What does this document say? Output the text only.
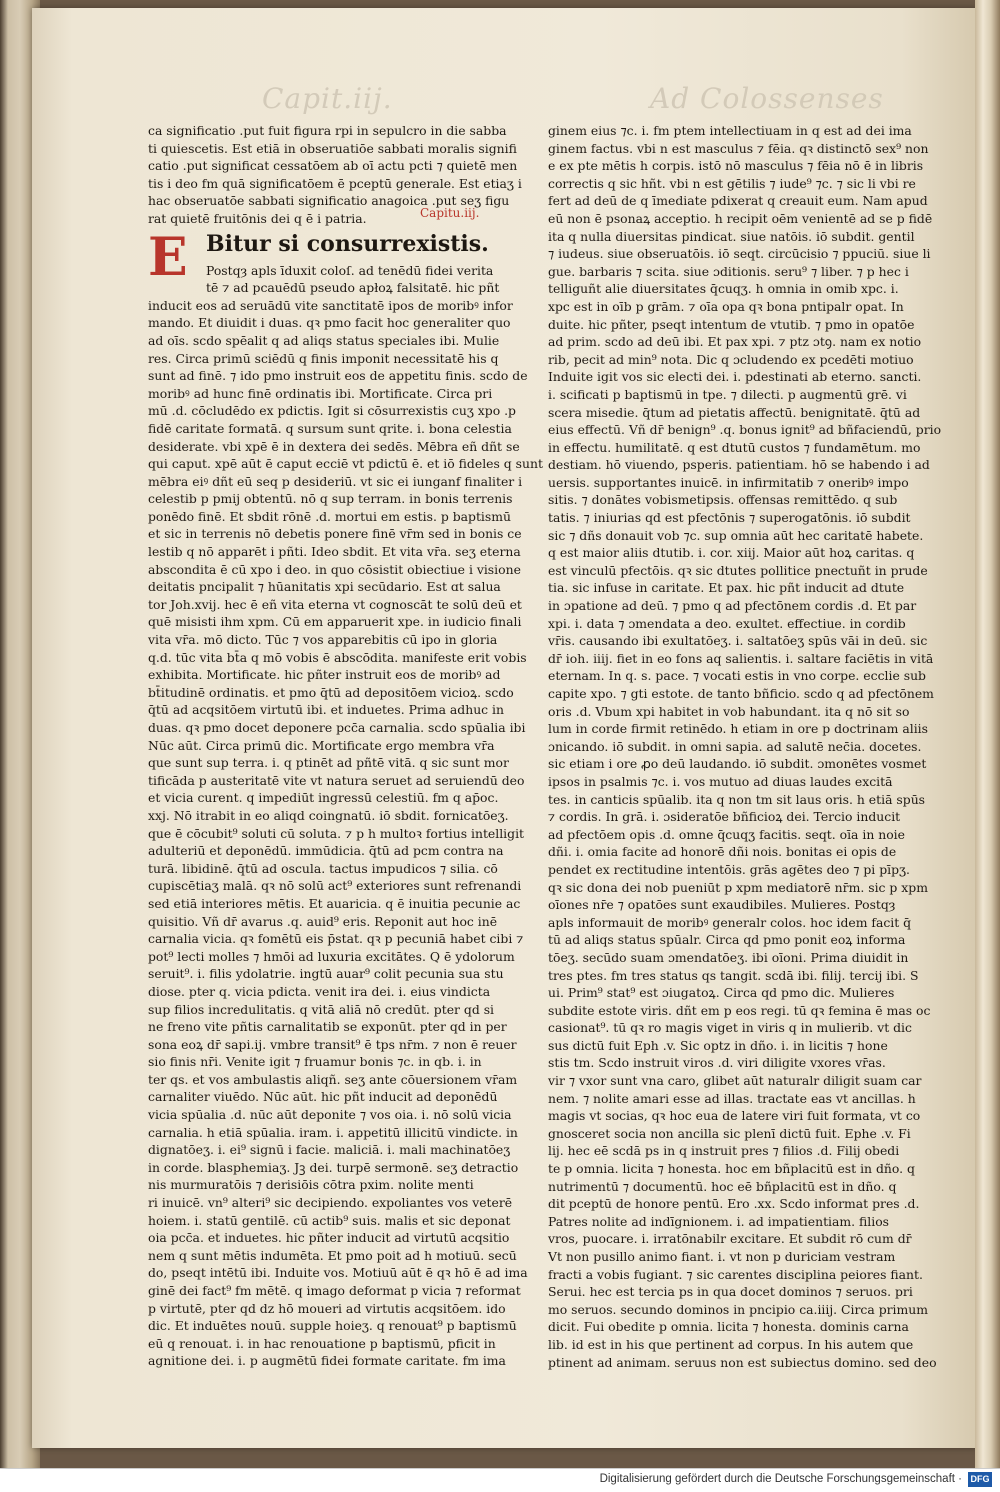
Capit.iij.	Ad Colossenses
Capitu.iij.
E
ca significatio .put fuit figura rpi in sepulcro in die sabba
ti quiescetis. Est etiā in obseruatiōe sabbati moralis signifi
catio .put significat cessatōem ab oī actu pcti ⁊ quietē men
tis i deo fm quā significatōem ē pceptū generale. Est etiaʒ i
hac obseruatōe sabbati significatio anagoica .put seʒ figu
rat quietē fruitōnis dei q ē i patria.
Bitur si consurrexistis.
Postqȝ apls īduxit coloſ. ad tenēdū fidei verita
tē ⁊ ad pcauēdū pseudo apłoꝝ falsitatē. hic pñt
inducit eos ad seruādū vite sanctitatē ipos de moribꝰ infor
mando. Et diuidit i duas. qꝛ pmo facit hoc generaliter quo
ad oīs. scdo spēalit q ad aliqs status speciales ibi. Mulie
res. Circa primū sciēdū q finis imponit necessitatē his q
sunt ad finē. ⁊ ido pmo instruit eos de appetitu finis. scdo de
moribꝰ ad hunc finē ordinatis ibi. Mortificate. Circa pri
mū .d. cōcludēdo ex pdictis. Igit si cōsurrexistis cuʒ xpo .p
fidē caritate formatā. q sursum sunt qrite. i. bona celestia
desiderate. vbi xpē ē in dextera dei sedēs. Mēbra eñ dñt se
qui caput. xpē aūt ē caput ecciē vt pdictū ē. et iō fideles q sunt
mēbra eiꝰ dñt eū seq p desideriū. vt sic ei iunganf finaliter i
celestib p pmij obtentū. nō q sup terram. in bonis terrenis
ponēdo finē. Et sbdit rōnē .d. mortui em estis. p baptismū
et sic in terrenis nō debetis ponere finē vr̄m sed in bonis ce
lestib q nō apparēt i pñti. Ideo sbdit. Et vita vr̄a. seʒ eterna
abscondita ē cū xpo i deo. in quo cōsistit obiectiue i visione
deitatis pncipalit ⁊ hūanitatis xpi secūdario. Est ɑt salua
tor Joh.xvij. hec ē eñ vita eterna vt cognoscāt te solū deū et
quē misisti ihm xpm. Cū em apparuerit xpe. in iudicio finali
vita vr̄a. mō dicto. Tūc ⁊ vos apparebitis cū ipo in gloria
q.d. tūc vita bt̄a q mō vobis ē abscōdita. manifeste erit vobis
exhibita. Mortificate. hic pñter instruit eos de moribꝰ ad
bt̄itudinē ordinatis. et pmo q̄tū ad depositōem vicioꝝ. scdo
q̄tū ad acqsitōem virtutū ibi. et induetes. Prima adhuc in
duas. qꝛ pmo docet deponere pcc̄a carnalia. scdo spūalia ibi
Nūc aūt. Circa primū dic. Mortificate ergo membra vr̄a
que sunt sup terra. i. q ptinēt ad pñtē vitā. q sic sunt mor
tificāda p austeritatē vite vt natura seruet ad seruiendū deo
et vicia curent. q impediūt ingressū celestiū. fm q ap̄oc.
xxj. Nō itrabit in eo aliqd coingnatū. iō sbdit. fornicatōeʒ.
que ē cōcubit⁹ soluti cū soluta. ⁊ p h multoꝛ fortius intelligit
adulteriū et deponēdū. immūdicia. q̄tū ad pcm contra na
turā. libidinē. q̄tū ad oscula. tactus impudicos ⁊ silia. cō
cupiscētiaʒ malā. qꝛ nō solū act⁹ exteriores sunt refrenandi
sed etiā interiores mētis. Et auaricia. q ē inuitia pecunie ac
quisitio. Vñ dr̄ avarus .q. auid⁹ eris. Reponit aut hoc inē
carnalia vicia. qꝛ fomētū eis p̄stat. qꝛ p pecuniā habet cibi ⁊
pot⁹ lecti molles ⁊ hmōi ad luxuria excitātes. Q ē ydolorum
seruit⁹. i. filis ydolatrie. ingtū auar⁹ colit pecunia sua stu
diose. pter q. vicia pdicta. venit ira dei. i. eius vindicta
sup filios incredulitatis. q vitā aliā nō credūt. pter qd si
ne freno vite pñtis carnalitatib se exponūt. pter qd in per
sona eoꝝ dr̄ sapi.ij. vmbre transit⁹ ē tps nr̄m. ⁊ non ē reuer
sio finis nr̄i. Venite igit ⁊ fruamur bonis ⁊c. in qb. i. in
ter qs. et vos ambulastis aliqñ. seʒ ante cōuersionem vr̄am
carnaliter viuēdo. Nūc aūt. hic pñt inducit ad deponēdū
vicia spūalia .d. nūc aūt deponite ⁊ vos oia. i. nō solū vicia
carnalia. h etiā spūalia. iram. i. appetitū illicitū vindicte. in
dignatōeʒ. i. ei⁹ signū i facie. maliciā. i. mali machinatōeʒ
in corde. blasphemiaʒ. Jꝫ dei. turpē sermonē. seʒ detractio
nis murmuratōis ⁊ derisiōis cōtra pxim. nolite menti
ri inuicē. vn⁹ alteri⁹ sic decipiendo. expoliantes vos veterē
hoiem. i. statū gentilē. cū actib⁹ suis. malis et sic deponat
oia pcc̄a. et induetes. hic pñter inducit ad virtutū acqsitio
nem q sunt mētis indumēta. Et pmo poit ad h motiuū. secū
do, pseqt intētū ibi. Induite vos. Motiuū aūt ē qꝛ hō ē ad ima
ginē dei fact⁹ fm mētē. q imago deformat p vicia ⁊ reformat
p virtutē, pter qd dz hō moueri ad virtutis acqsitōem. ido
dic. Et induētes nouū. supple hoieʒ. q renouat⁹ p baptismū
eū q renouat. i. in hac renouatione p baptismū, pficit in
agnitione dei. i. p augmētū fidei formate caritate. fm ima
ginem eius ⁊c. i. fm ptem intellectiuam in q est ad dei ima
ginem factus. vbi n est masculus ⁊ fēia. qꝛ distinctō sex⁹ non
e ex pte mētis h corpis. istō nō masculus ⁊ fēia nō ē in libris
correctis q sic hñt. vbi n est gētilis ⁊ iude⁹ ⁊c. ⁊ sic li vbi re
fert ad deū de q īmediate pdixerat q creauit eum. Nam apud
eū non ē psonaꝝ acceptio. h recipit oēm venientē ad se p fidē
ita q nulla diuersitas pindicat. siue natōis. iō subdit. gentil
⁊ iudeus. siue obseruatōis. iō seqt. circūcisio ⁊ ppuciū. siue li
gue. barbaris ⁊ scita. siue ɔditionis. seru⁹ ⁊ liber. ⁊ p hec i
telliguñt alie diuersitates q̄cuqʒ. h omnia in omib xpc. i.
xpc est in oīb p grām. ⁊ oīa opa qꝛ bona pntipalr opat. In
duite. hic pñter, pseqt intentum de vtutib. ⁊ pmo in opatōe
ad prim. scdo ad deū ibi. Et pax xpi. ⁊ ptz ɔtꝯ. nam ex notio
rib, pecit ad min⁹ nota. Dic q ɔcludendo ex pcedēti motiuo
Induite igit vos sic electi dei. i. pdestinati ab eterno. sancti.
i. scificati p baptismū in tpe. ⁊ dilecti. p augmentū grē. vi
scera misedie. q̄tum ad pietatis affectū. benignitatē. q̄tū ad
eius effectū. Vñ dr̄ benign⁹ .q. bonus ignit⁹ ad bñfaciendū, prio
in effectu. humilitatē. q est dtutū custos ⁊ fundamētum. mo
destiam. hō viuendo, psperis. patientiam. hō se habendo i ad
uersis. supportantes inuicē. in infirmitatib ⁊ oneribꝰ impo
sitis. ⁊ donātes vobismetipsis. offensas remittēdo. q sub
tatis. ⁊ iniurias qd est pfectōnis ⁊ superogatōnis. iō subdit
sic ⁊ dñs donauit vob ⁊c. sup omnia aūt hec caritatē habete.
q est maior aliis dtutib. i. cor. xiij. Maior aūt hoꝝ caritas. q
est vinculū pfectōis. qꝛ sic dtutes pollitice pnectuñt in prude
tia. sic infuse in caritate. Et pax. hic pñt inducit ad dtute
in ɔpatione ad deū. ⁊ pmo q ad pfectōnem cordis .d. Et par
xpi. i. data ⁊ ɔmendata a deo. exultet. effectiue. in cordib
vr̄is. causando ibi exultatōeʒ. i. saltatōeʒ spūs vāi in deū. sic
dr̄ ioh. iiij. fiet in eo fons aq salientis. i. saltare faciētis in vitā
eternam. In q. s. pace. ⁊ vocati estis in vno corpe. ecclie sub
capite xpo. ⁊ gti estote. de tanto bñficio. scdo q ad pfectōnem
oris .d. Vbum xpi habitet in vob habundant. ita q nō sit so
lum in corde firmit retinēdo. h etiam in ore p doctrinam aliis
ɔnicando. iō subdit. in omni sapia. ad salutē nec̄ia. docetes.
sic etiam i ore ꝓo deū laudando. iō subdit. ɔmonētes vosmet
ipsos in psalmis ⁊c. i. vos mutuo ad diuas laudes excitā
tes. in canticis spūalib. ita q non tm sit laus oris. h etiā spūs
⁊ cordis. In grā. i. ɔsideratōe bñficioꝝ dei. Tercio inducit
ad pfectōem opis .d. omne q̄cuqʒ facitis. seqt. oīa in noie
dñi. i. omia facite ad honorē dñi nois. bonitas ei opis de
pendet ex rectitudine intentōis. grās agētes deo ⁊ pi pīpʒ.
qꝛ sic dona dei nob pueniūt p xpm mediatorē nr̄m. sic p xpm
oīones nr̄e ⁊ opatōes sunt exaudibiles. Mulieres. Postqȝ
apls informauit de moribꝰ generalr colos. hoc idem facit q̄
tū ad aliqs status spūalr. Circa qd pmo ponit eoꝝ informa
tōeʒ. secūdo suam ɔmendatōeʒ. ibi oīoni. Prima diuidit in
tres ptes. fm tres status qs tangit. scdā ibi. filij. tercij ibi. S
ui. Prim⁹ stat⁹ est ɔiugatoꝝ. Circa qd pmo dic. Mulieres
subdite estote viris. dñt em p eos regi. tū qꝛ femina ē mas oc
casionat⁹. tū qꝛ ro magis viget in viris q in mulierib. vt dic
sus dictū fuit Eph .v. Sic optz in dño. i. in licitis ⁊ hone
stis tm. Scdo instruit viros .d. viri diligite vxores vr̄as.
vir ⁊ vxor sunt vna caro, glibet aūt naturalr diligit suam car
nem. ⁊ nolite amari esse ad illas. tractate eas vt ancillas. h
magis vt socias, qꝛ hoc eua de latere viri fuit formata, vt co
gnosceret socia non ancilla sic plenī dictū fuit. Ephe .v. Fi
lij. hec eē scdā ps in q instruit pres ⁊ filios .d. Filij obedi
te p omnia. licita ⁊ honesta. hoc em bñplacitū est in dño. q
nutrimentū ⁊ documentū. hoc eē bñplacitū est in dño. q
dit pceptū de honore pentū. Ero .xx. Scdo informat pres .d.
Patres nolite ad indīgnionem. i. ad impatientiam. filios
vros, puocare. i. irratōnabilr excitare. Et subdit rō cum dr̄
Vt non pusillo animo fiant. i. vt non p duriciam vestram
fracti a vobis fugiant. ⁊ sic carentes disciplina peiores fiant.
Serui. hec est tercia ps in qua docet dominos ⁊ seruos. pri
mo seruos. secundo dominos in pncipio ca.iiij. Circa primum
dicit. Fui obedite p omnia. licita ⁊ honesta. dominis carna
lib. id est in his que pertinent ad corpus. In his autem que
ptinent ad animam. seruus non est subiectus domino. sed deo
Digitalisierung gefördert durch die Deutsche Forschungsgemeinschaft · DFG
